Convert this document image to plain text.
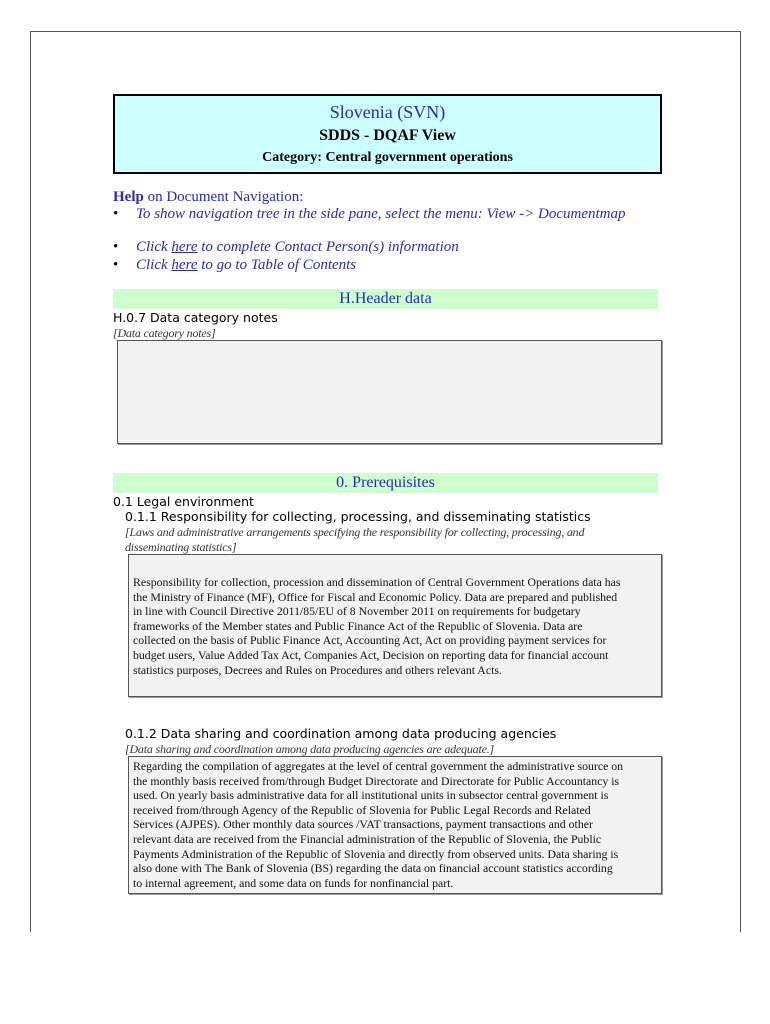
Slovenia (SVN)
SDDS - DQAF View
Category: Central government operations
Help on Document Navigation:
• To show navigation tree in the side pane, select the menu: View -> Documentmap
• Click here to complete Contact Person(s) information
• Click here to go to Table of Contents
H.Header data
H.0.7 Data category notes
[Data category notes]
0. Prerequisites
0.1 Legal environment
0.1.1 Responsibility for collecting, processing, and disseminating statistics
[Laws and administrative arrangements specifying the responsibility for collecting, processing, and
disseminating statistics]
Responsibility for collection, procession and dissemination of Central Government Operations data has
the Ministry of Finance (MF), Office for Fiscal and Economic Policy. Data are prepared and published
in line with Council Directive 2011/85/EU of 8 November 2011 on requirements for budgetary
frameworks of the Member states and Public Finance Act of the Republic of Slovenia. Data are
collected on the basis of Public Finance Act, Accounting Act, Act on providing payment services for
budget users, Value Added Tax Act, Companies Act, Decision on reporting data for financial account
statistics purposes, Decrees and Rules on Procedures and others relevant Acts.
0.1.2 Data sharing and coordination among data producing agencies
[Data sharing and coordination among data producing agencies are adequate.]
Regarding the compilation of aggregates at the level of central government the administrative source on
the monthly basis received from/through Budget Directorate and Directorate for Public Accountancy is
used. On yearly basis administrative data for all institutional units in subsector central government is
received from/through Agency of the Republic of Slovenia for Public Legal Records and Related
Services (AJPES). Other monthly data sources /VAT transactions, payment transactions and other
relevant data are received from the Financial administration of the Republic of Slovenia, the Public
Payments Administration of the Republic of Slovenia and directly from observed units. Data sharing is
also done with The Bank of Slovenia (BS) regarding the data on financial account statistics according
to internal agreement, and some data on funds for nonfinancial part.
